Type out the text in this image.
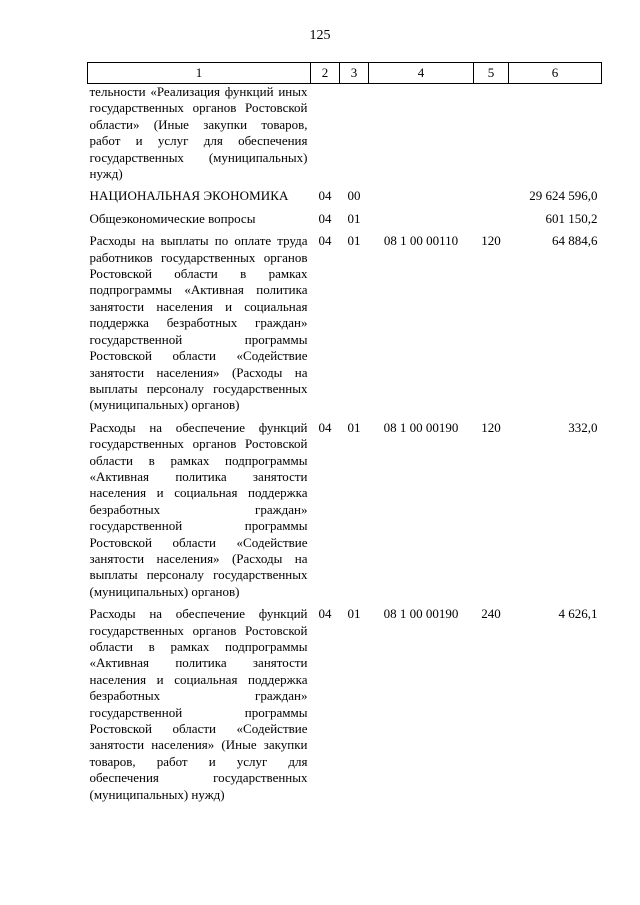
125
1	2	3	4	5	6
тельности «Реализация функций иных государственных органов Ростовской области» (Иные закупки товаров, работ и услуг для обеспечения государственных (муниципальных) нужд)					
НАЦИОНАЛЬНАЯ ЭКОНОМИКА	04	00			29 624 596,0
Общеэкономические вопросы	04	01			601 150,2
Расходы на выплаты по оплате труда работников государственных органов Ростовской области в рамках подпрограммы «Активная политика занятости населения и социальная поддержка безработных граждан» государственной программы Ростовской области «Содействие занятости населения» (Расходы на выплаты персоналу государственных (муниципальных) органов)	04	01	08 1 00 00110	120	64 884,6
Расходы на обеспечение функций государственных органов Ростовской области в рамках подпрограммы «Активная политика занятости населения и социальная поддержка безработных граждан» государственной программы Ростовской области «Содействие занятости населения» (Расходы на выплаты персоналу государственных (муниципальных) органов)	04	01	08 1 00 00190	120	332,0
Расходы на обеспечение функций государственных органов Ростовской области в рамках подпрограммы «Активная политика занятости населения и социальная поддержка безработных граждан» государственной программы Ростовской области «Содействие занятости населения» (Иные закупки товаров, работ и услуг для обеспечения государственных (муниципальных) нужд)	04	01	08 1 00 00190	240	4 626,1
